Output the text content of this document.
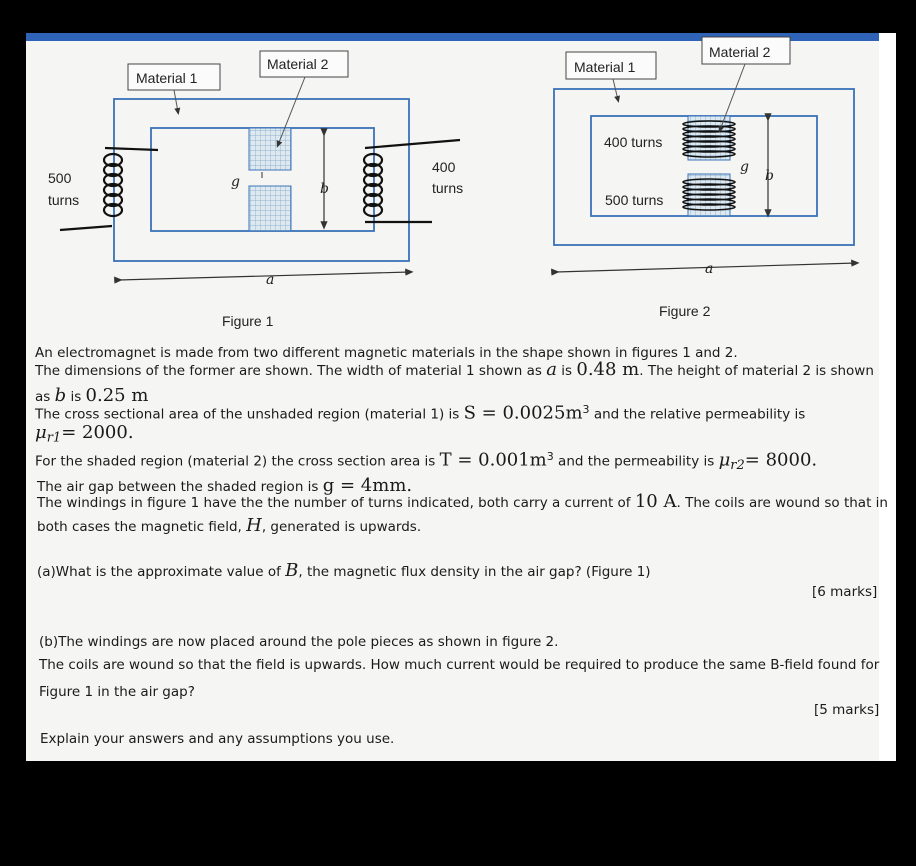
Material 1
Material 2
500
turns
400
turns
g	b
a
Figure 1
Material 1
Material 2
400 turns
500 turns
g
b
a
Figure 2
An electromagnet is made from two different magnetic materials in the shape shown in figures 1 and 2.
The dimensions of the former are shown. The width of material 1 shown as a is 0.48 m. The height of material 2 is shown
as b is 0.25 m
The cross sectional area of the unshaded region (material 1) is $S = 0.0025m^3$ and the relative permeability is
$\mu_{r1}= 2000$.
For the shaded region (material 2) the cross section area is $T = 0.001m^3$ and the permeability is $\mu_{r2}= 8000$.
The air gap between the shaded region is g = 4mm.
The windings in figure 1 have the the number of turns indicated, both carry a current of 10 A. The coils are wound so that in
both cases the magnetic field, H, generated is upwards.
(a)What is the approximate value of B, the magnetic flux density in the air gap? (Figure 1)
[6 marks]
(b)The windings are now placed around the pole pieces as shown in figure 2.
The coils are wound so that the field is upwards. How much current would be required to produce the same B-field found for
Figure 1 in the air gap?
[5 marks]
Explain your answers and any assumptions you use.
